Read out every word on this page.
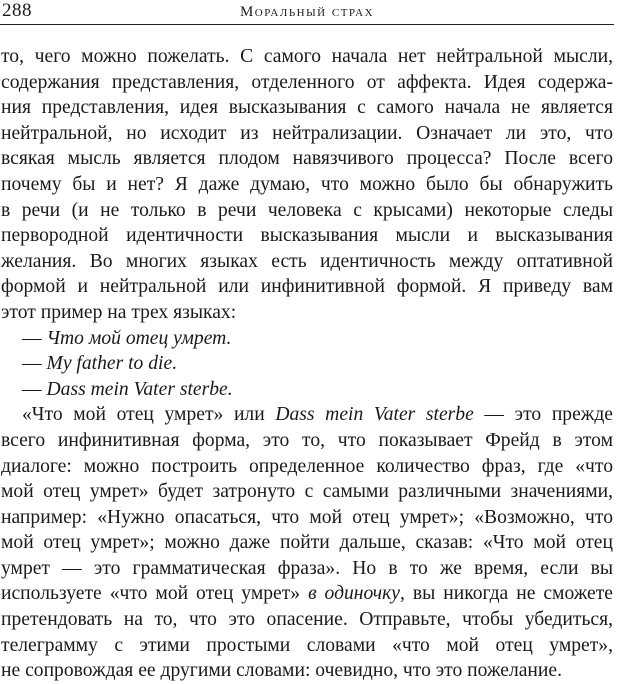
288	Моральный страх
то, чего можно пожелать. С самого начала нет нейтральной мысли,
содержания представления, отделенного от аффекта. Идея содержа-
ния представления, идея высказывания с самого начала не является
нейтральной, но исходит из нейтрализации. Означает ли это, что
всякая мысль является плодом навязчивого процесса? После всего
почему бы и нет? Я даже думаю, что можно было бы обнаружить
в речи (и не только в речи человека с крысами) некоторые следы
первородной идентичности высказывания мысли и высказывания
желания. Во многих языках есть идентичность между оптативной
формой и нейтральной или инфинитивной формой. Я приведу вам
этот пример на трех языках:
— Что мой отец умрет.
— My father to die.
— Dass mein Vater sterbe.
«Что мой отец умрет» или Dass mein Vater sterbe — это прежде
всего инфинитивная форма, это то, что показывает Фрейд в этом
диалоге: можно построить определенное количество фраз, где «что
мой отец умрет» будет затронуто с самыми различными значениями,
например: «Нужно опасаться, что мой отец умрет»; «Возможно, что
мой отец умрет»; можно даже пойти дальше, сказав: «Что мой отец
умрет — это грамматическая фраза». Но в то же время, если вы
используете «что мой отец умрет» в одиночку, вы никогда не сможете
претендовать на то, что это опасение. Отправьте, чтобы убедиться,
телеграмму с этими простыми словами «что мой отец умрет»,
не сопровождая ее другими словами: очевидно, что это пожелание.
